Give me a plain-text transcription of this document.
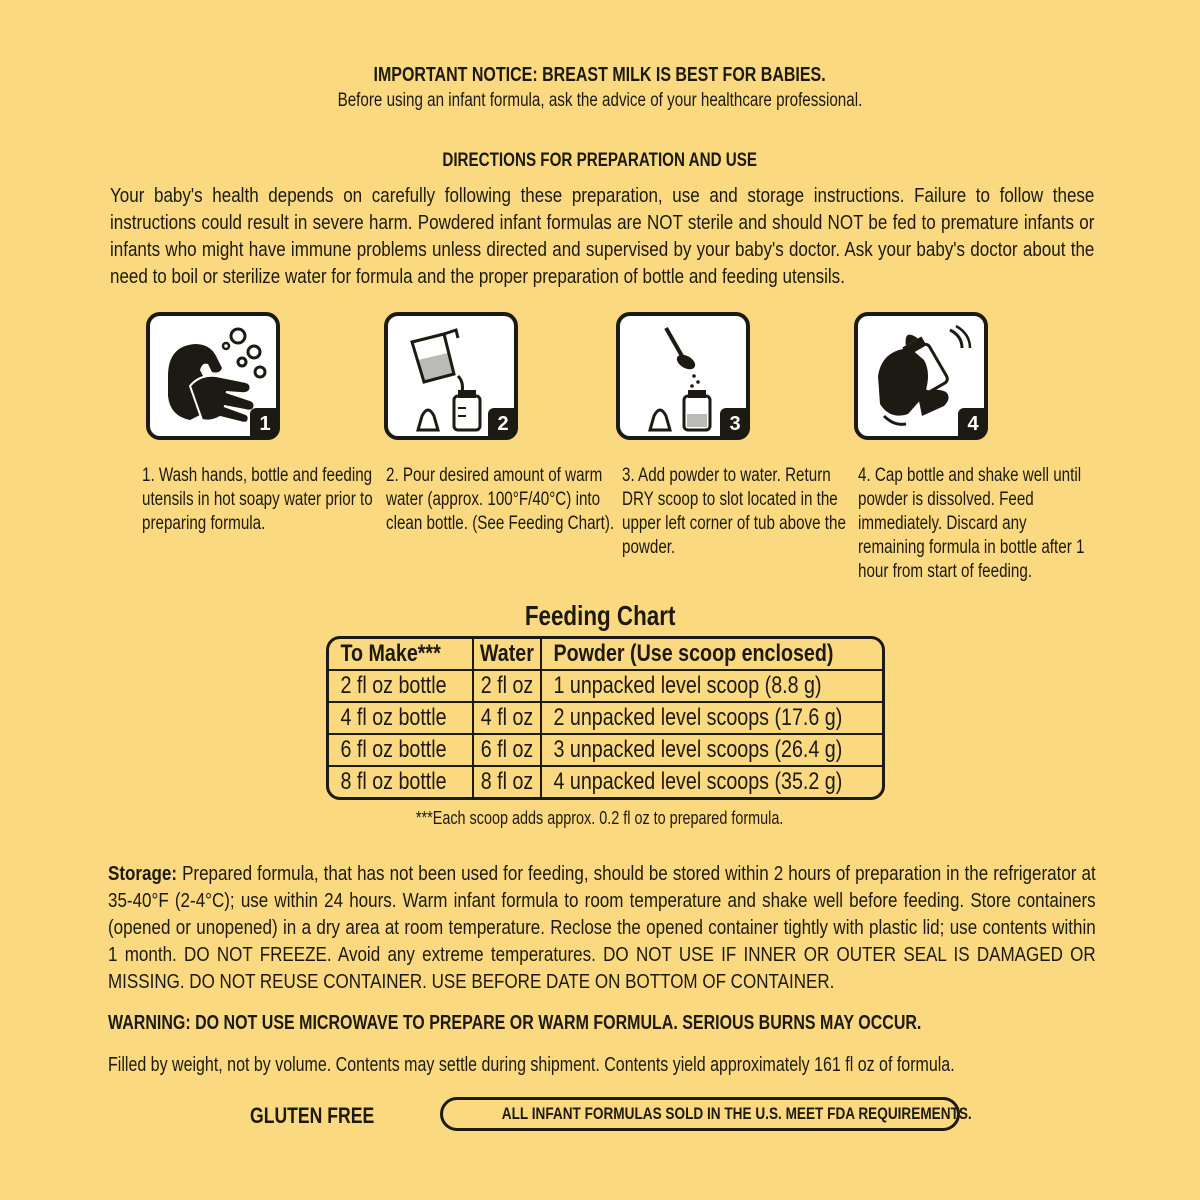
IMPORTANT NOTICE: BREAST MILK IS BEST FOR BABIES.
Before using an infant formula, ask the advice of your healthcare professional.
DIRECTIONS FOR PREPARATION AND USE
Your baby's health depends on carefully following these preparation, use and storage instructions. Failure to follow these instructions could result in severe harm. Powdered infant formulas are NOT sterile and should NOT be fed to premature infants or infants who might have immune problems unless directed and supervised by your baby's doctor. Ask your baby's doctor about the need to boil or sterilize water for formula and the proper preparation of bottle and feeding utensils.
1	2	3	4
1. Wash hands, bottle and feeding utensils in hot soapy water prior to preparing formula.
2. Pour desired amount of warm water (approx. 100°F/40°C) into clean bottle. (See Feeding Chart).
3. Add powder to water. Return DRY scoop to slot located in the upper left corner of tub above the powder.
4. Cap bottle and shake well until powder is dissolved. Feed immediately. Discard any remaining formula in bottle after 1 hour from start of feeding.
Feeding Chart
To Make***	Water	Powder (Use scoop enclosed)
2 fl oz bottle	2 fl oz	1 unpacked level scoop (8.8 g)
4 fl oz bottle	4 fl oz	2 unpacked level scoops (17.6 g)
6 fl oz bottle	6 fl oz	3 unpacked level scoops (26.4 g)
8 fl oz bottle	8 fl oz	4 unpacked level scoops (35.2 g)
***Each scoop adds approx. 0.2 fl oz to prepared formula.
Storage: Prepared formula, that has not been used for feeding, should be stored within 2 hours of preparation in the refrigerator at 35-40°F (2-4°C); use within 24 hours. Warm infant formula to room temperature and shake well before feeding. Store containers (opened or unopened) in a dry area at room temperature. Reclose the opened container tightly with plastic lid; use contents within 1 month. DO NOT FREEZE. Avoid any extreme temperatures. DO NOT USE IF INNER OR OUTER SEAL IS DAMAGED OR MISSING. DO NOT REUSE CONTAINER. USE BEFORE DATE ON BOTTOM OF CONTAINER.
WARNING: DO NOT USE MICROWAVE TO PREPARE OR WARM FORMULA. SERIOUS BURNS MAY OCCUR.
Filled by weight, not by volume. Contents may settle during shipment. Contents yield approximately 161 fl oz of formula.
GLUTEN FREE	ALL INFANT FORMULAS SOLD IN THE U.S. MEET FDA REQUIREMENTS.
